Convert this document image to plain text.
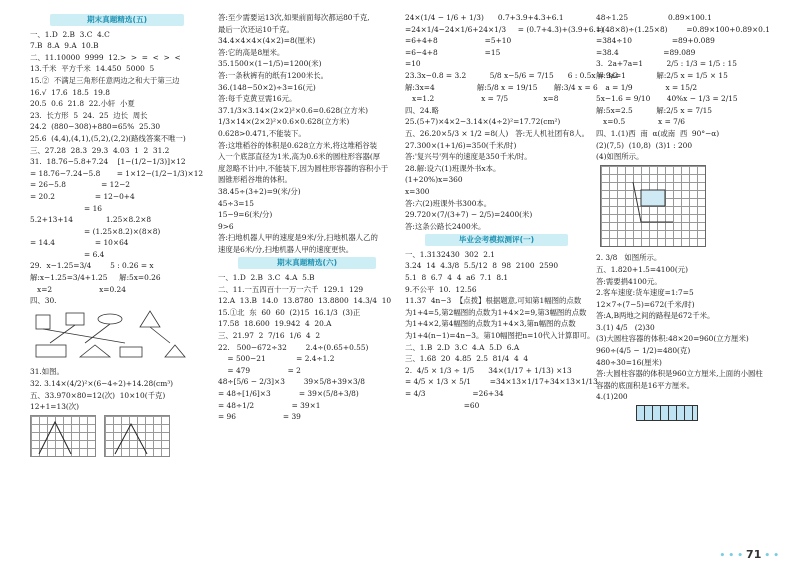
期末真题精选(五)
一、1.D  2.B  3.C  4.C
7.B  8.A  9.A  10.B
二、11.10000  9999  12.>  >  =  <  >  <
13.千米  平方千米  14.450  5000  5
15.②  不满足三角形任意两边之和大于第三边
16.√  17.6  18.5  19.8
20.5  0.6  21.8  22.小轩  小夏
23.  长方形  5  24.  25  边长  周长
24.2  (880−308)+880=65%  25.30
25.6  (4,4),(4,1),(5,2),(2,2)(路线答案不唯一)
三、27.28  28.3  29.3  4.03  1  2  31.2
31.  18.76−5.8+7.24    [1−(1/2−1/3)]×12
= 18.76−7.24−5.8       = 1×12−(1/2−1/3)×12
= 26−5.8               = 12−2
= 20.2                 = 12−0+4
= 16
5.2+13+14              1.25×8.2×8
= (1.25×8.2)×(8×8)
= 14.4                 = 10×64
= 6.4
29.  x−1.25=3/4        5 : 0.26 = x
解:x−1.25=3/4+1.25     解:5x=0.26
x=2                    x=0.24
四、30.
31.如图。
32. 3.14×(4/2)²×(6−4÷2)+14.28(cm³)
五、33.970×80=12(次)  10×10(千克)
12+1=13(次)
答:至少需要运13次,如果前面每次都运80千克,
最后一次还运10千克。
34.4×4×4×(4×2)=8(厘米)
答:它的高是8厘米。
35.1500×(1−1/5)=1200(米)
答:一条秋裤有的纸有1200米长。
36.(148−50×2)÷3=16(元)
答:每千克黄豆需16元。
37.1/3×3.14×(2×2)²×0.6=0.628(立方米)
1/3×14×(2×2)²×0.6×0.628(立方米)
0.628>0.471,不能装下。
答:这堆稻谷的体积是0.628立方米,将这堆稻谷装
入一个底部直径为1米,高为0.6米的圆柱形容器(厚
度忽略不计)中,不能装下,因为圆柱形容器的容积小于
圆锥形稻谷堆的体积。
38.45÷(3+2)=9(米/分)
45÷3=15
15−9=6(米/分)
9>6
答:扫地机器人甲的速度是9米/分,扫地机器人乙的
速度是6米/分,扫地机器人甲的速度更快。
期末真题精选(六)
一、1.D  2.B  3.C  4.A  5.B
二、11.一五四百十一万一六千  129.1  129
12.A  13.B  14.0  13.8780  13.8800  14.3/4  10
15.①北  东  60  60  (2)15  16.1/3  (3)正
17.58  18.600  19.942  4  20.A
三、21.97  2  7/16  1/6  4  2
22.   500−672÷32        2.4÷(0.65+0.55)
= 500−21             = 2.4÷1.2
= 479                = 2
48÷[5/6 − 2/3]×3        39×5/8+39×3/8
= 48÷[1/6]×3            = 39×(5/8+3/8)
= 48÷1/2                = 39×1
= 96                    = 39
24×(1/4 − 1/6 + 1/3)      0.7+3.9+4.3+6.1
=24×1/4−24×1/6+24×1/3     = (0.7+4.3)+(3.9+6.1)
=6+4+8                    =5+10
=6−4+8                    =15
=10
23.3x−0.8 = 3.2          5/8 x−5/6 = 7/15      6 : 0.5x = 3/2
解:3x=4                  解:5/8 x = 19/15       解:3/4 x = 6
x=1.2                    x = 7/5               x=8
四、24.略
25.(5+7)×4×2−3.14×(4÷2)²=17.72(cm²)
五、26.20×5/3 × 1/2 =8(人)   答:无人机社团有8人。
27.300×(1+1/6)=350(千米/时)
答:'复兴号'列车的速度是350千米/时。
28.解:设六(1)班课外书x本。
(1+20%)x=360
x=300
答:六(2)班课外书300本。
29.720×(7/(3+7) − 2/5)=2400(米)
答:这条公路长2400米。
毕业会考模拟测评(一)
一、1.3132430  302  2.1
3.24  14  4.3/8  5.5/12  8  98  2100  2590
5.1  8  6.7  4  4  a6  7.1  8.1
9.不公平  10.  12.56
11.37  4n−3  【点拨】根据题意,可知第1幅图的点数
为1+4=5,第2幅图的点数为1+4×2=9,第3幅图的点数
为1+4×2,第4幅图的点数为1+4×3,第n幅图的点数
为1+4(n−1)=4n−3。第10幅图把n=10代入计算即可。
二、1.B  2.D  3.C  4.A  5.D  6.A
三、1.68  20  4.85  2.5  81/4  4  4
2.  4/5 × 1/3 ÷ 1/5      34×(1/17 + 1/13) ×13
= 4/5 × 1/3 × 5/1        =34×13×1/17+34×13×1/13
= 4/3                    =26+34
=60
48÷1.25                 0.89×100.1
=(48×8)÷(1.25×8)        =0.89×100+0.89×0.1
=384÷10                 =89+0.089
=38.4                   =89.089
3.  2a+7a=1          2/5 : 1/3 = 1/5 : 15
解:9a=1             解:2/5 x = 1/5 × 15
a = 1/9              x = 15/2
5x−1.6 = 9/10       40%x − 1/3 = 2/15
解:5x=2.5          解:2/5 x = 7/15
x=0.5              x = 7/6
四、1.(1)西  南  α(或南  西  90°−α)
(2)(7,5)  (10,8)  (3)1 : 200
(4)如图所示。
2. 3/8   如图所示。
五、1.820+1.5=4100(元)
答:需要捐4100元。
2.客车速度:货车速度=1:7=5
12×7÷(7−5)=672(千米/时)
答:A,B两地之间的路程是672千米。
3.(1) 4/5   (2)30
(3)大圆柱容器的体积:48×20=960(立方厘米)
960÷(4/5 − 1/2)=480(克)
480÷30=16(厘米)
答:大圆柱容器的体积是960立方厘米,上面的小圆柱
容器的底面积是16平方厘米。
4.(1)200
• • • 71 • •
